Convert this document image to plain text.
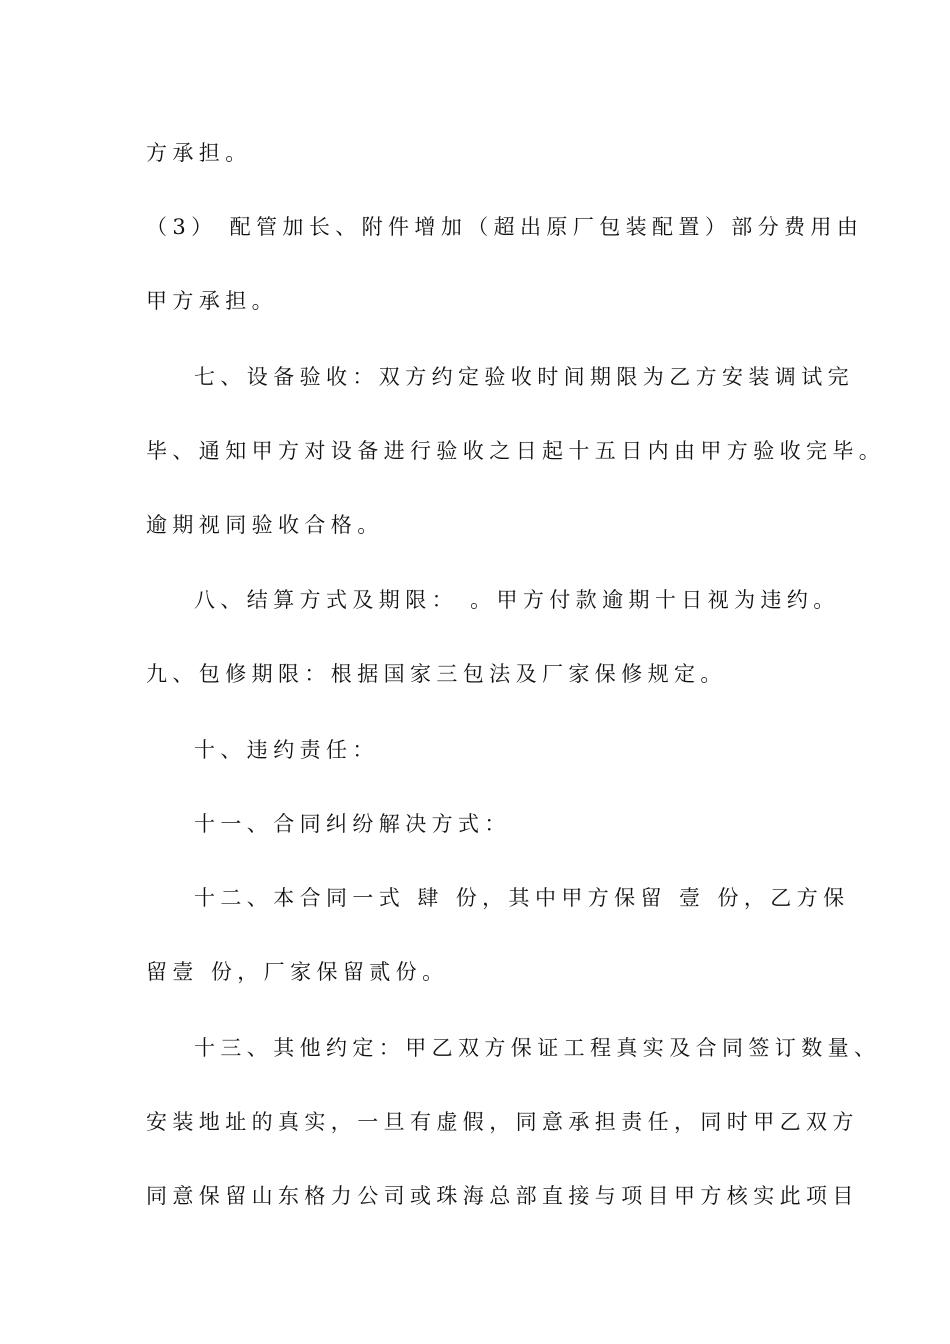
方承担。
（3） 配管加长、附件增加（超出原厂包装配置）部分费用由
甲方承担。
七、设备验收：双方约定验收时间期限为乙方安装调试完
毕、通知甲方对设备进行验收之日起十五日内由甲方验收完毕。
逾期视同验收合格。
八、结算方式及期限： 。甲方付款逾期十日视为违约。
九、包修期限：根据国家三包法及厂家保修规定。
十、违约责任：
十一、合同纠纷解决方式：
十二、本合同一式 肆 份，其中甲方保留 壹 份，乙方保
留壹 份，厂家保留贰份。
十三、其他约定：甲乙双方保证工程真实及合同签订数量、
安装地址的真实，一旦有虚假，同意承担责任，同时甲乙双方
同意保留山东格力公司或珠海总部直接与项目甲方核实此项目
